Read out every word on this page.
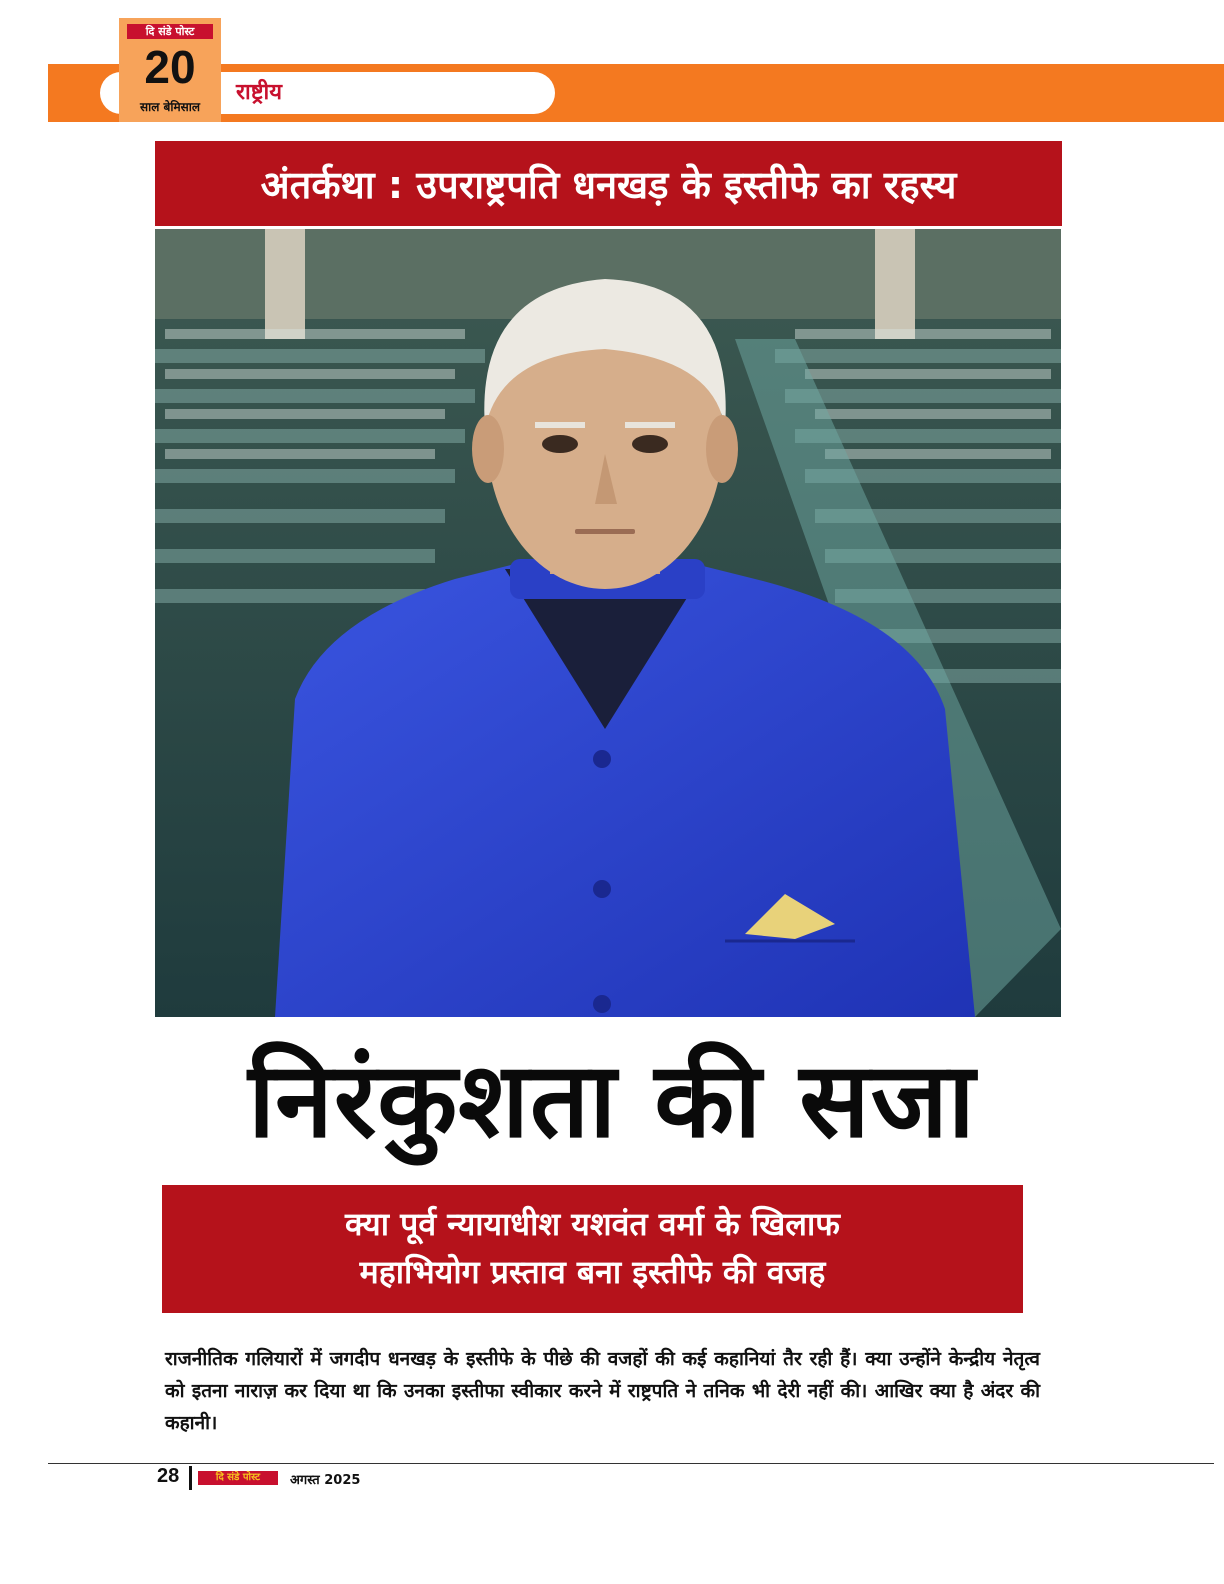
राष्ट्रीय
दि संडे पोस्ट
20
साल बेमिसाल
अंतर्कथा : उपराष्ट्रपति धनखड़ के इस्तीफे का रहस्य
निरंकुशता की सजा
क्या पूर्व न्यायाधीश यशवंत वर्मा के खिलाफ
महाभियोग प्रस्ताव बना इस्तीफे की वजह
राजनीतिक गलियारों में जगदीप धनखड़ के इस्तीफे के पीछे की वजहों की कई कहानियां तैर रही हैं। क्या उन्होंने केन्द्रीय नेतृत्व को इतना नाराज़ कर दिया था कि उनका इस्तीफा स्वीकार करने में राष्ट्रपति ने तनिक भी देरी नहीं की। आखिर क्या है अंदर की कहानी।
28	दि संडे पोस्ट	अगस्त 2025
